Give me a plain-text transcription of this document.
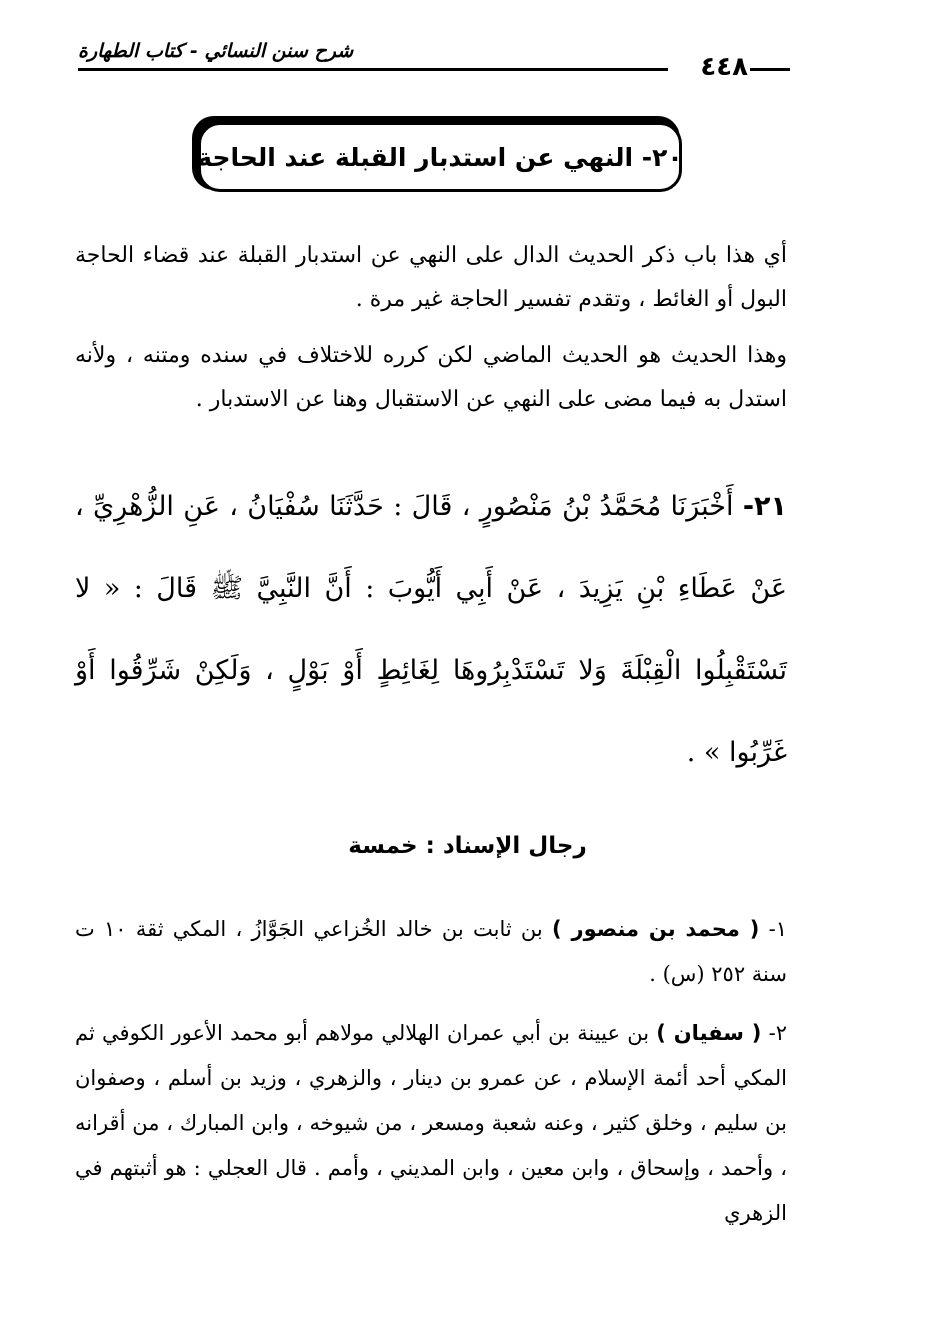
شرح سنن النسائي - كتاب الطهارة
٤٤٨
٢٠- النهي عن استدبار القبلة عند الحاجة

أي هذا باب ذكر الحديث الدال على النهي عن استدبار القبلة عند قضاء الحاجة البول أو الغائط ، وتقدم تفسير الحاجة غير مرة .

وهذا الحديث هو الحديث الماضي لكن كرره للاختلاف في سنده ومتنه ، ولأنه استدل به فيما مضى على النهي عن الاستقبال وهنا عن الاستدبار .

٢١- أَخْبَرَنَا مُحَمَّدُ بْنُ مَنْصُورٍ ، قَالَ : حَدَّثَنَا سُفْيَانُ ، عَنِ الزُّهْرِيِّ ، عَنْ عَطَاءِ بْنِ يَزِيدَ ، عَنْ أَبِي أَيُّوبَ : أَنَّ النَّبِيَّ ﷺ قَالَ : « لا تَسْتَقْبِلُوا الْقِبْلَةَ وَلا تَسْتَدْبِرُوهَا لِغَائِطٍ أَوْ بَوْلٍ ، وَلَكِنْ شَرِّقُوا أَوْ غَرِّبُوا » .
رجال الإسناد : خمسة

١- ( محمد بن منصور ) بن ثابت بن خالد الخُزاعي الجَوَّازُ ، المكي ثقة ١٠ ت سنة ٢٥٢ (س) .

٢- ( سفيان ) بن عيينة بن أبي عمران الهلالي مولاهم أبو محمد الأعور الكوفي ثم المكي أحد أئمة الإسلام ، عن عمرو بن دينار ، والزهري ، وزيد بن أسلم ، وصفوان بن سليم ، وخلق كثير ، وعنه شعبة ومسعر ، من شيوخه ، وابن المبارك ، من أقرانه ، وأحمد ، وإسحاق ، وابن معين ، وابن المديني ، وأمم . قال العجلي : هو أثبتهم في الزهري
